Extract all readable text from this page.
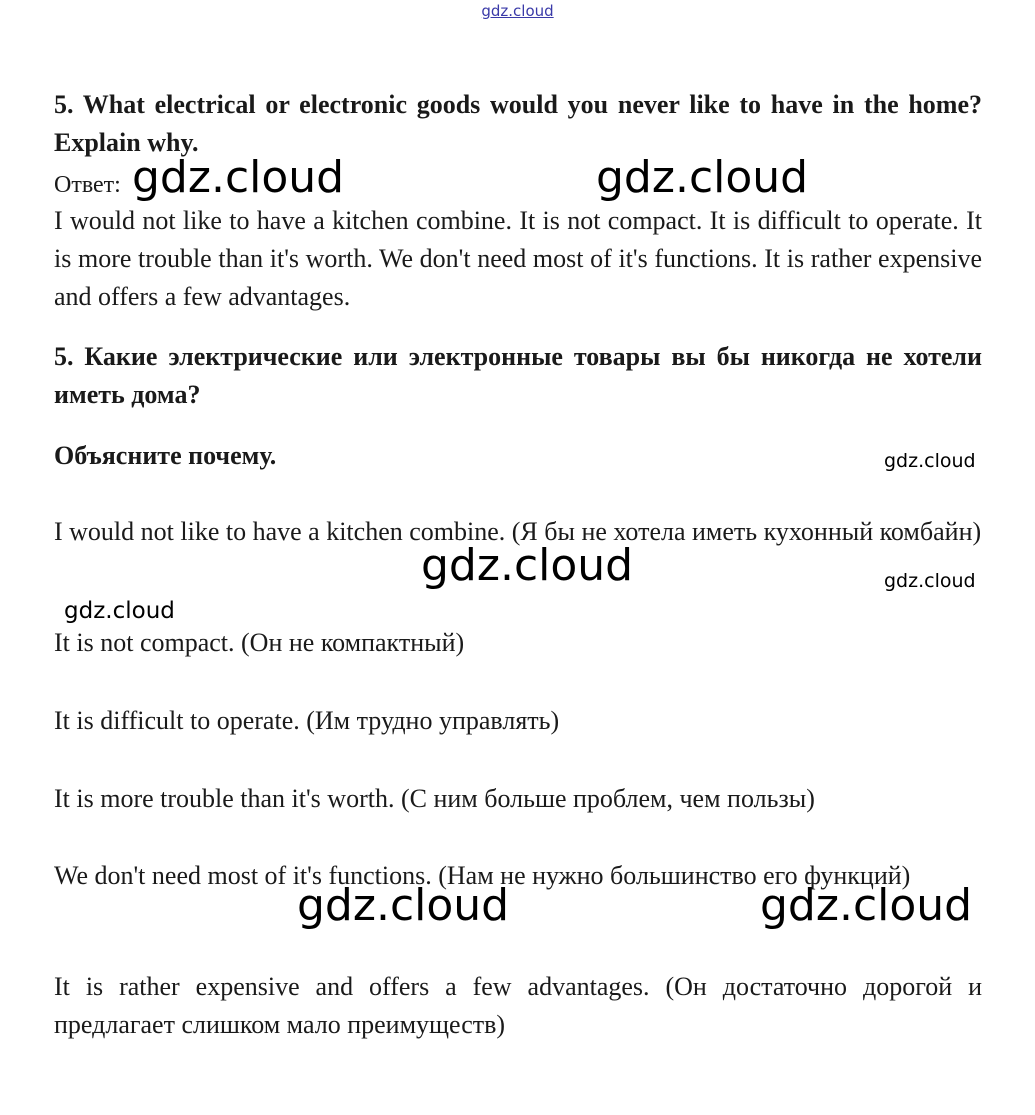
gdz.cloud

5. What electrical or electronic goods would you never like to have in the home? Explain why.

Ответ:

I would not like to have a kitchen combine. It is not compact. It is difficult to operate. It is more trouble than it's worth. We don't need most of it's functions. It is rather expensive and offers a few advantages.

5. Какие электрические или электронные товары вы бы никогда не хотели иметь дома?

Объясните почему.

I would not like to have a kitchen combine. (Я бы не хотела иметь кухонный комбайн)

It is not compact. (Он не компактный)

It is difficult to operate. (Им трудно управлять)

It is more trouble than it's worth. (С ним больше проблем, чем пользы)

We don't need most of it's functions. (Нам не нужно большинство его функций)

It is rather expensive and offers a few advantages. (Он достаточно дорогой и предлагает слишком мало преимуществ)

gdz.cloud	gdz.cloud
gdz.cloud
gdz.cloud	gdz.cloud
gdz.cloud
gdz.cloud	gdz.cloud
